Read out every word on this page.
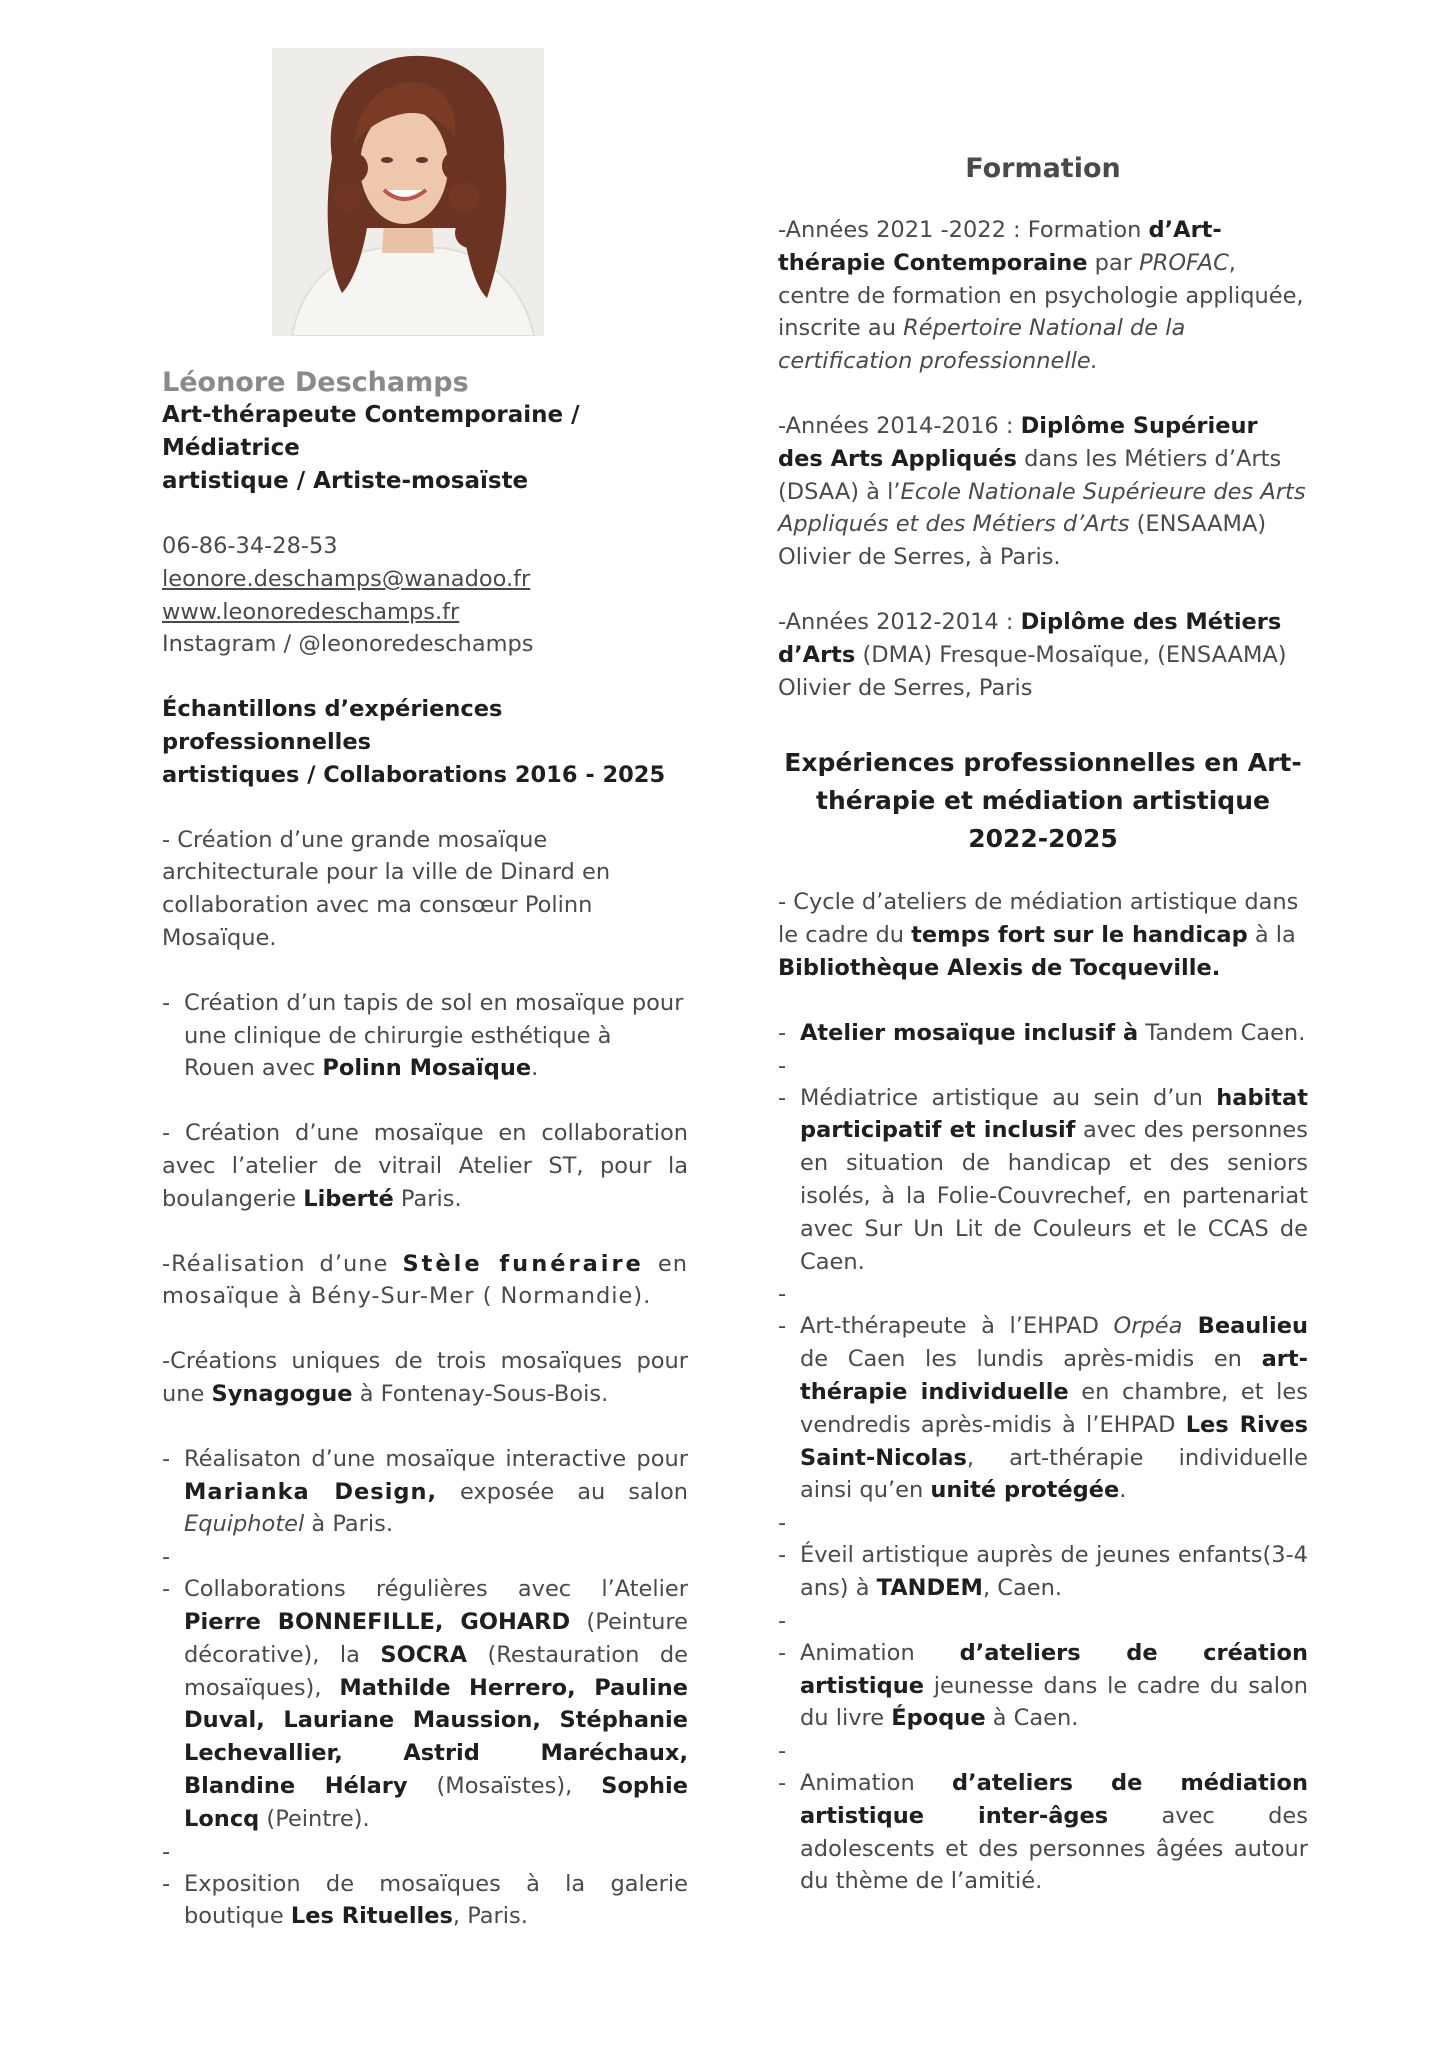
Léonore Deschamps
Art-thérapeute Contemporaine / Médiatrice
artistique / Artiste-mosaïste
06-86-34-28-53
leonore.deschamps@wanadoo.fr
www.leonoredeschamps.fr
Instagram / @leonoredeschamps
Échantillons d’expériences professionnelles
artistiques / Collaborations 2016 - 2025
- Création d’une grande mosaïque architecturale pour la ville de Dinard en collaboration avec ma consœur Polinn Mosaïque.
- Création d’un tapis de sol en mosaïque pour une clinique de chirurgie esthétique à Rouen avec Polinn Mosaïque.
- Création d’une mosaïque en collaboration avec l’atelier de vitrail Atelier ST, pour la boulangerie Liberté Paris.
-Réalisation d’une Stèle funéraire en mosaïque à Bény-Sur-Mer ( Normandie).
-Créations uniques de trois mosaïques pour une Synagogue à Fontenay-Sous-Bois.
- Réalisaton d’une mosaïque interactive pour Marianka Design, exposée au salon Equiphotel à Paris.
-
- Collaborations régulières avec l’Atelier Pierre BONNEFILLE, GOHARD (Peinture décorative), la SOCRA (Restauration de mosaïques), Mathilde Herrero, Pauline Duval, Lauriane Maussion, Stéphanie Lechevallier, Astrid Maréchaux, Blandine Hélary (Mosaïstes), Sophie Loncq (Peintre).
-
- Exposition de mosaïques à la galerie boutique Les Rituelles, Paris.
Formation
-Années 2021 -2022 : Formation d’Art-thérapie Contemporaine par PROFAC, centre de formation en psychologie appliquée, inscrite au Répertoire National de la certification professionnelle.
-Années 2014-2016 : Diplôme Supérieur des Arts Appliqués dans les Métiers d’Arts (DSAA) à l’Ecole Nationale Supérieure des Arts Appliqués et des Métiers d’Arts (ENSAAMA) Olivier de Serres, à Paris.
-Années 2012-2014 : Diplôme des Métiers d’Arts (DMA) Fresque-Mosaïque, (ENSAAMA) Olivier de Serres, Paris
Expériences professionnelles en Art-
thérapie et médiation artistique
2022-2025
- Cycle d’ateliers de médiation artistique dans le cadre du temps fort sur le handicap à la Bibliothèque Alexis de Tocqueville.
- Atelier mosaïque inclusif à Tandem Caen.
-
- Médiatrice artistique au sein d’un habitat participatif et inclusif avec des personnes en situation de handicap et des seniors isolés, à la Folie-Couvrechef, en partenariat avec Sur Un Lit de Couleurs et le CCAS de Caen.
-
- Art-thérapeute à l’EHPAD Orpéa Beaulieu de Caen les lundis après-midis en art-thérapie individuelle en chambre, et les vendredis après-midis à l’EHPAD Les Rives Saint-Nicolas, art-thérapie individuelle ainsi qu’en unité protégée.
-
- Éveil artistique auprès de jeunes enfants(3-4 ans) à TANDEM, Caen.
-
- Animation d’ateliers de création artistique jeunesse dans le cadre du salon du livre Époque à Caen.
-
- Animation d’ateliers de médiation artistique inter-âges avec des adolescents et des personnes âgées autour du thème de l’amitié.
